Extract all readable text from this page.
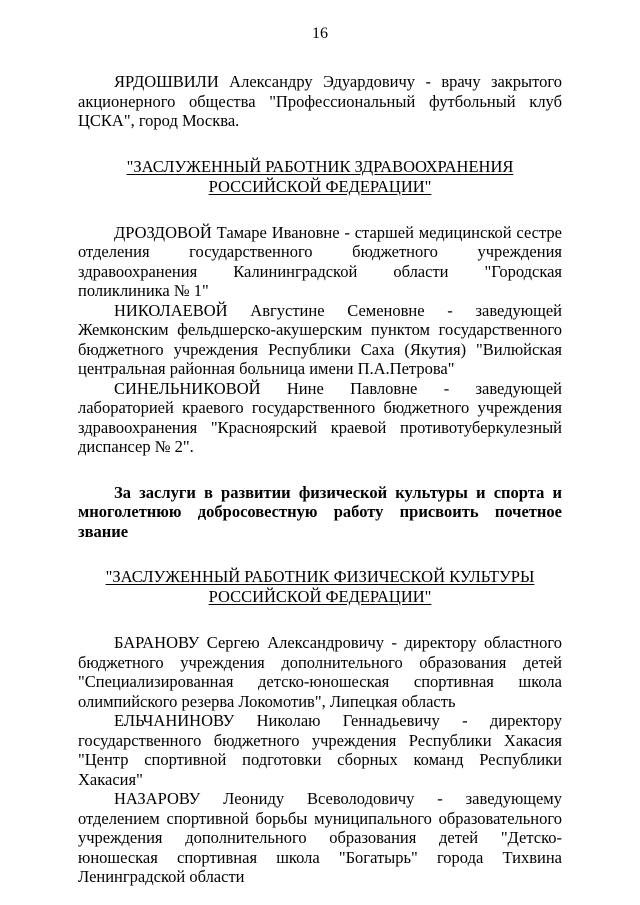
16

ЯРДОШВИЛИ Александру Эдуардовичу - врачу закрытого акционерного общества "Профессиональный футбольный клуб ЦСКА", город Москва.

"ЗАСЛУЖЕННЫЙ РАБОТНИК ЗДРАВООХРАНЕНИЯ
РОССИЙСКОЙ ФЕДЕРАЦИИ"

ДРОЗДОВОЙ Тамаре Ивановне - старшей медицинской сестре отделения государственного бюджетного учреждения здравоохранения Калининградской области "Городская поликлиника № 1"

НИКОЛАЕВОЙ Августине Семеновне - заведующей Жемконским фельдшерско-акушерским пунктом государственного бюджетного учреждения Республики Саха (Якутия) "Вилюйская центральная районная больница имени П.А.Петрова"

СИНЕЛЬНИКОВОЙ Нине Павловне - заведующей лабораторией краевого государственного бюджетного учреждения здравоохранения "Красноярский краевой противотуберкулезный диспансер № 2".

За заслуги в развитии физической культуры и спорта и многолетнюю добросовестную работу присвоить почетное звание

"ЗАСЛУЖЕННЫЙ РАБОТНИК ФИЗИЧЕСКОЙ КУЛЬТУРЫ
РОССИЙСКОЙ ФЕДЕРАЦИИ"

БАРАНОВУ Сергею Александровичу - директору областного бюджетного учреждения дополнительного образования детей "Специализированная детско-юношеская спортивная школа олимпийского резерва Локомотив", Липецкая область

ЕЛЬЧАНИНОВУ Николаю Геннадьевичу - директору государственного бюджетного учреждения Республики Хакасия "Центр спортивной подготовки сборных команд Республики Хакасия"

НАЗАРОВУ Леониду Всеволодовичу - заведующему отделением спортивной борьбы муниципального образовательного учреждения дополнительного образования детей "Детско-юношеская спортивная школа "Богатырь" города Тихвина Ленинградской области
